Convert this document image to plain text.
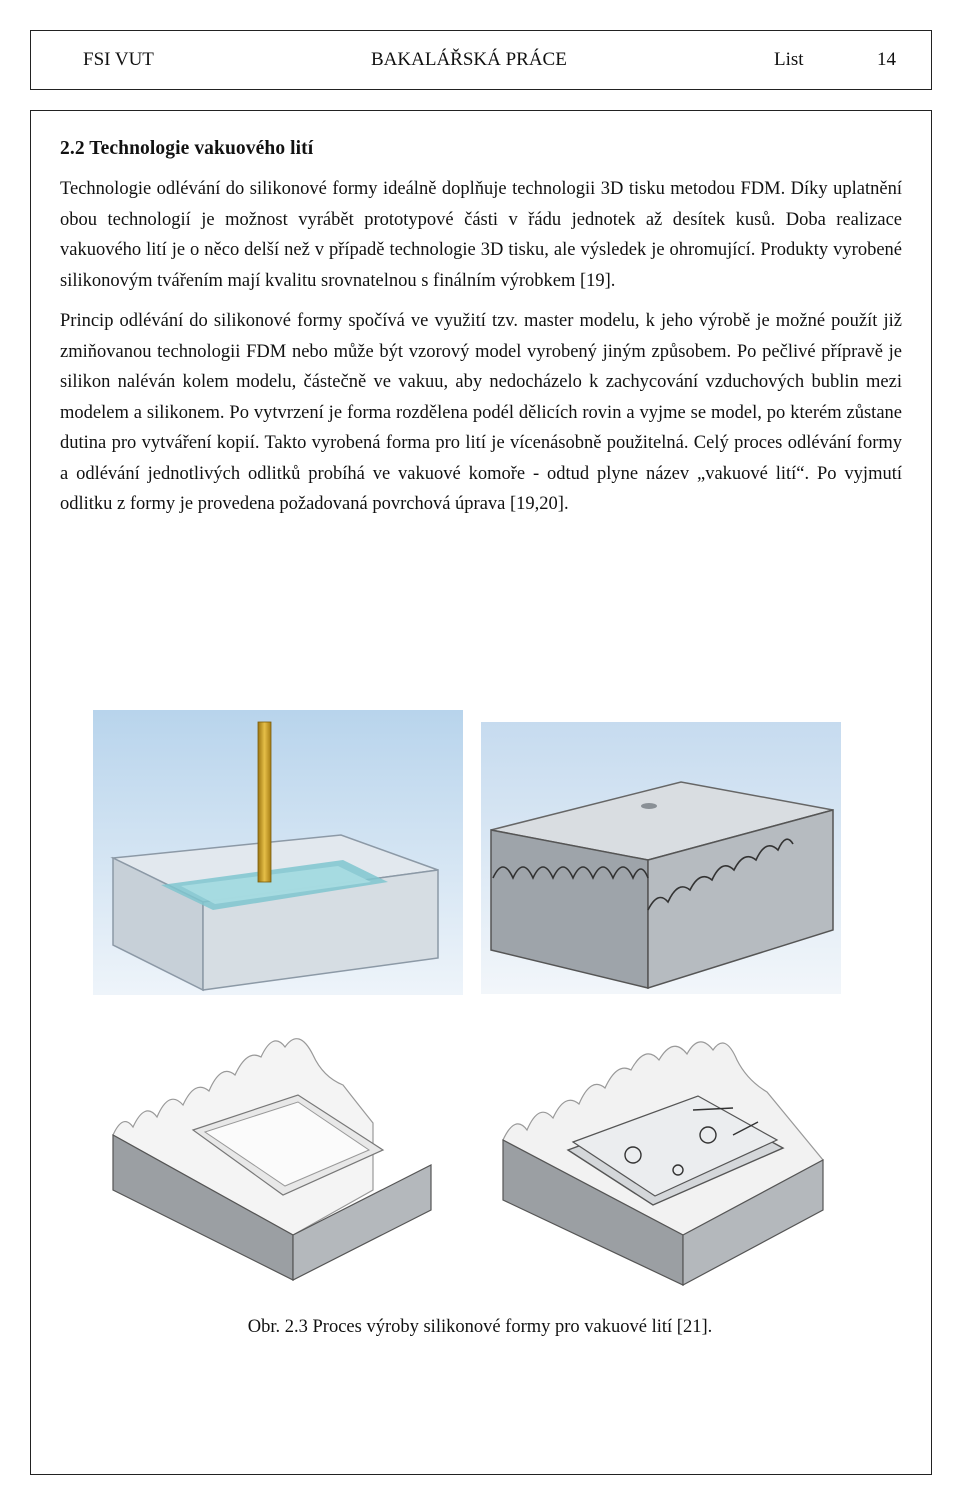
FSI VUT	BAKALÁŘSKÁ PRÁCE	List	14
2.2 Technologie vakuového lití

Technologie odlévání do silikonové formy ideálně doplňuje technologii 3D tisku metodou FDM. Díky uplatnění obou technologií je možnost vyrábět prototypové části v řádu jednotek až desítek kusů. Doba realizace vakuového lití je o něco delší než v případě technologie 3D tisku, ale výsledek je ohromující. Produkty vyrobené silikonovým tvářením mají kvalitu srovnatelnou s finálním výrobkem [19].

Princip odlévání do silikonové formy spočívá ve využití tzv. master modelu, k jeho výrobě je možné použít již zmiňovanou technologii FDM nebo může být vzorový model vyrobený jiným způsobem. Po pečlivé přípravě je silikon naléván kolem modelu, částečně ve vakuu, aby nedocházelo k zachycování vzduchových bublin mezi modelem a silikonem. Po vytvrzení je forma rozdělena podél dělicích rovin a vyjme se model, po kterém zůstane dutina pro vytváření kopií. Takto vyrobená forma pro lití je vícenásobně použitelná. Celý proces odlévání formy a odlévání jednotlivých odlitků probíhá ve vakuové komoře - odtud plyne název „vakuové lití“. Po vyjmutí odlitku z formy je provedena požadovaná povrchová úprava [19,20].

Obr. 2.3 Proces výroby silikonové formy pro vakuové lití [21].
